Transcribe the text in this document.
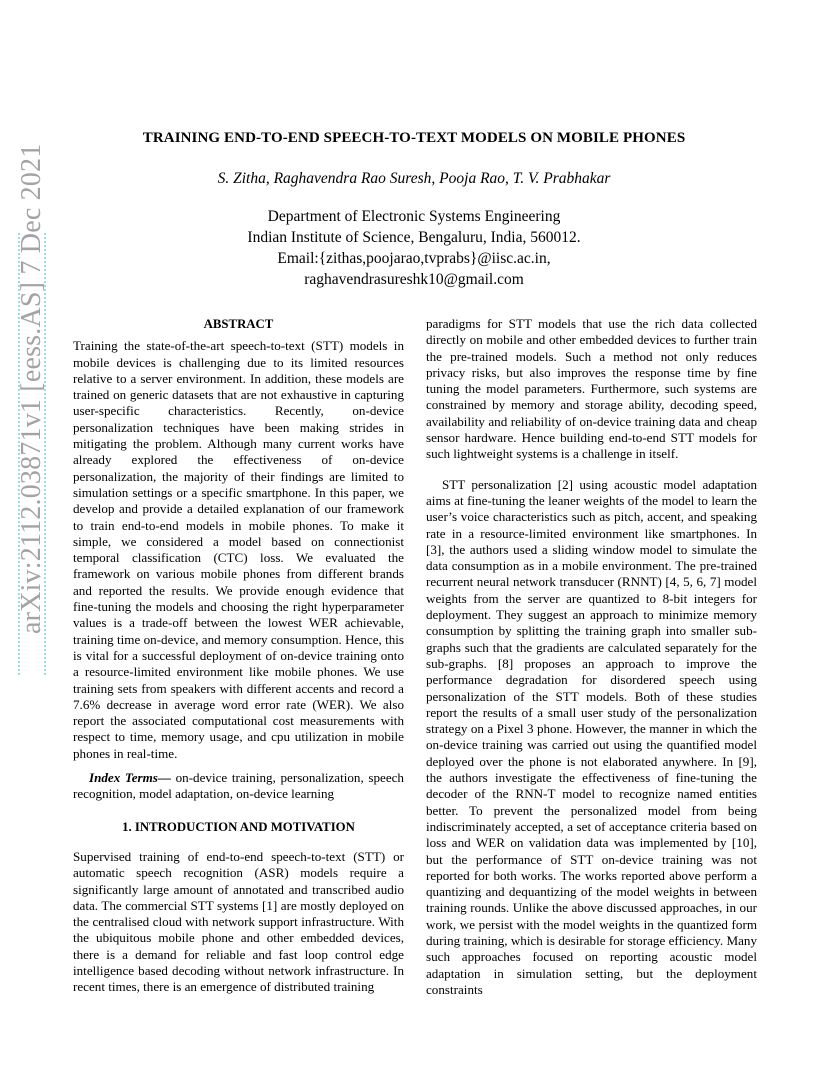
arXiv:2112.03871v1 [eess.AS] 7 Dec 2021
TRAINING END-TO-END SPEECH-TO-TEXT MODELS ON MOBILE PHONES
S. Zitha, Raghavendra Rao Suresh, Pooja Rao, T. V. Prabhakar
Department of Electronic Systems Engineering
Indian Institute of Science, Bengaluru, India, 560012.
Email:{zithas,poojarao,tvprabs}@iisc.ac.in,
raghavendrasureshk10@gmail.com
ABSTRACT

Training the state-of-the-art speech-to-text (STT) models in mobile devices is challenging due to its limited resources relative to a server environment. In addition, these models are trained on generic datasets that are not exhaustive in capturing user-specific characteristics. Recently, on-device personalization techniques have been making strides in mitigating the problem. Although many current works have already explored the effectiveness of on-device personalization, the majority of their findings are limited to simulation settings or a specific smartphone. In this paper, we develop and provide a detailed explanation of our framework to train end-to-end models in mobile phones. To make it simple, we considered a model based on connectionist temporal classification (CTC) loss. We evaluated the framework on various mobile phones from different brands and reported the results. We provide enough evidence that fine-tuning the models and choosing the right hyperparameter values is a trade-off between the lowest WER achievable, training time on-device, and memory consumption. Hence, this is vital for a successful deployment of on-device training onto a resource-limited environment like mobile phones. We use training sets from speakers with different accents and record a 7.6% decrease in average word error rate (WER). We also report the associated computational cost measurements with respect to time, memory usage, and cpu utilization in mobile phones in real-time.

Index Terms— on-device training, personalization, speech recognition, model adaptation, on-device learning

1. INTRODUCTION AND MOTIVATION

Supervised training of end-to-end speech-to-text (STT) or automatic speech recognition (ASR) models require a significantly large amount of annotated and transcribed audio data. The commercial STT systems [1] are mostly deployed on the centralised cloud with network support infrastructure. With the ubiquitous mobile phone and other embedded devices, there is a demand for reliable and fast loop control edge intelligence based decoding without network infrastructure. In recent times, there is an emergence of distributed training

paradigms for STT models that use the rich data collected directly on mobile and other embedded devices to further train the pre-trained models. Such a method not only reduces privacy risks, but also improves the response time by fine tuning the model parameters. Furthermore, such systems are constrained by memory and storage ability, decoding speed, availability and reliability of on-device training data and cheap sensor hardware. Hence building end-to-end STT models for such lightweight systems is a challenge in itself.

STT personalization [2] using acoustic model adaptation aims at fine-tuning the leaner weights of the model to learn the user’s voice characteristics such as pitch, accent, and speaking rate in a resource-limited environment like smartphones. In [3], the authors used a sliding window model to simulate the data consumption as in a mobile environment. The pre-trained recurrent neural network transducer (RNNT) [4, 5, 6, 7] model weights from the server are quantized to 8-bit integers for deployment. They suggest an approach to minimize memory consumption by splitting the training graph into smaller sub-graphs such that the gradients are calculated separately for the sub-graphs. [8] proposes an approach to improve the performance degradation for disordered speech using personalization of the STT models. Both of these studies report the results of a small user study of the personalization strategy on a Pixel 3 phone. However, the manner in which the on-device training was carried out using the quantified model deployed over the phone is not elaborated anywhere. In [9], the authors investigate the effectiveness of fine-tuning the decoder of the RNN-T model to recognize named entities better. To prevent the personalized model from being indiscriminately accepted, a set of acceptance criteria based on loss and WER on validation data was implemented by [10], but the performance of STT on-device training was not reported for both works. The works reported above perform a quantizing and dequantizing of the model weights in between training rounds. Unlike the above discussed approaches, in our work, we persist with the model weights in the quantized form during training, which is desirable for storage efficiency. Many such approaches focused on reporting acoustic model adaptation in simulation setting, but the deployment constraints
